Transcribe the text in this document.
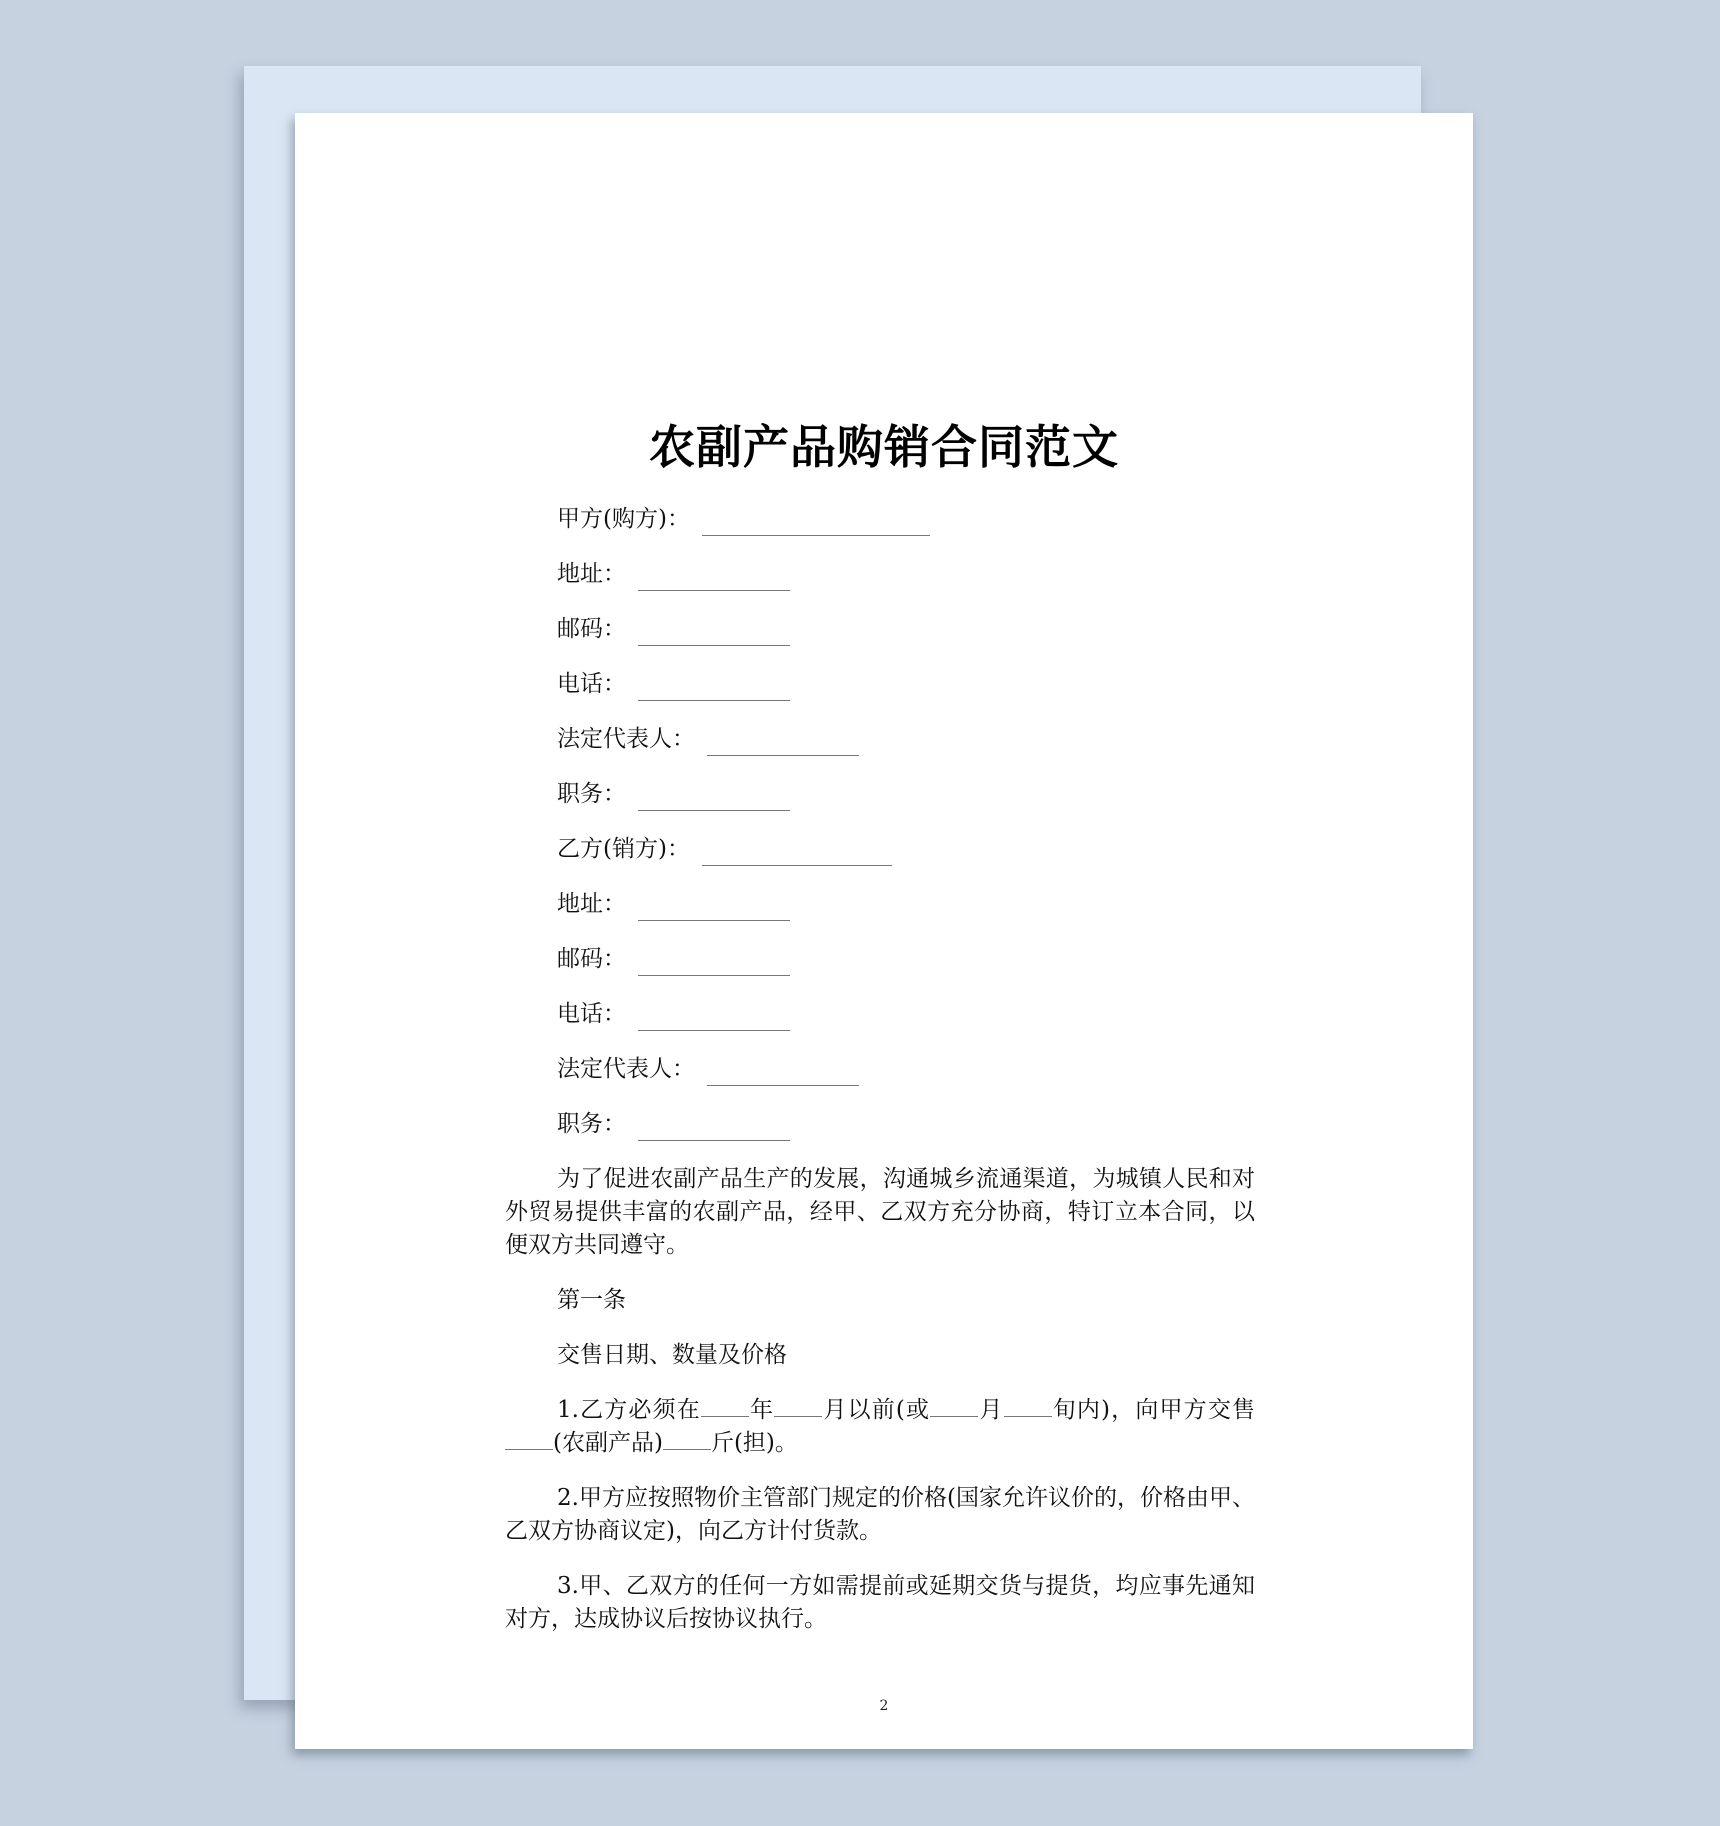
农副产品购销合同范文
甲方(购方)：
地址：
邮码：
电话：
法定代表人：
职务：
乙方(销方)：
地址：
邮码：
电话：
法定代表人：
职务：

为了促进农副产品生产的发展，沟通城乡流通渠道，为城镇人民和对外贸易提供丰富的农副产品，经甲、乙双方充分协商，特订立本合同，以便双方共同遵守。

第一条

交售日期、数量及价格

1.乙方必须在 年 月以前(或 月 旬内)，向甲方交售(农副产品) 斤(担)。

2.甲方应按照物价主管部门规定的价格(国家允许议价的，价格由甲、乙双方协商议定)，向乙方计付货款。

3.甲、乙双方的任何一方如需提前或延期交货与提货，均应事先通知对方，达成协议后按协议执行。

2
